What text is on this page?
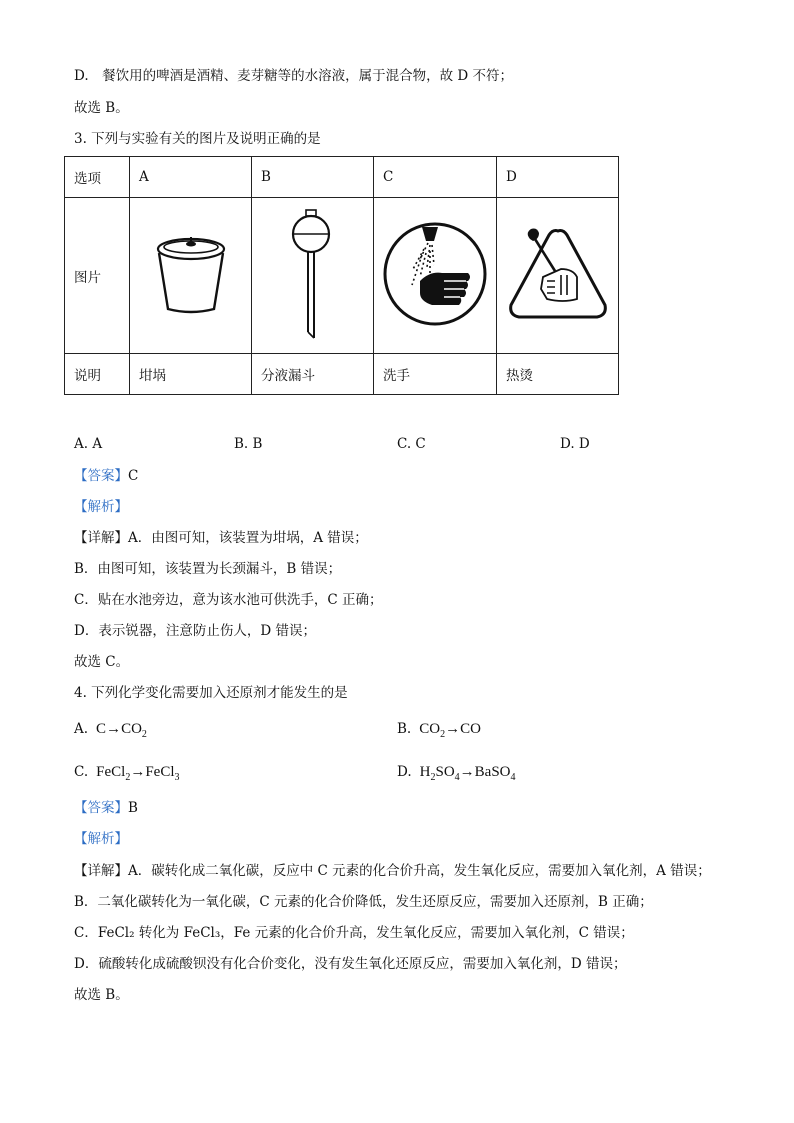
D.　餐饮用的啤酒是酒精、麦芽糖等的水溶液，属于混合物，故 D 不符；
故选 B。
3. 下列与实验有关的图片及说明正确的是
选项	A	B	C	D
图片				
说明	坩埚	分液漏斗	洗手	热烫
A. A	B. B	C. C	D. D
【答案】C
【解析】
【详解】A．由图可知，该装置为坩埚，A 错误；
B．由图可知，该装置为长颈漏斗，B 错误；
C．贴在水池旁边，意为该水池可供洗手，C 正确；
D．表示锐器，注意防止伤人，D 错误；
故选 C。
4. 下列化学变化需要加入还原剂才能发生的是
A. $C\to CO_2$	B. $CO_2\to CO$
C. FeCl$_2$→FeCl$_3$	D. $H_2SO_4\to BaSO_4$
【答案】B
【解析】
【详解】A．碳转化成二氧化碳，反应中 C 元素的化合价升高，发生氧化反应，需要加入氧化剂，A 错误；
B．二氧化碳转化为一氧化碳，C 元素的化合价降低，发生还原反应，需要加入还原剂，B 正确；
C．FeCl₂ 转化为 FeCl₃，Fe 元素的化合价升高，发生氧化反应，需要加入氧化剂，C 错误；
D．硫酸转化成硫酸钡没有化合价变化，没有发生氧化还原反应，需要加入氧化剂，D 错误；
故选 B。
